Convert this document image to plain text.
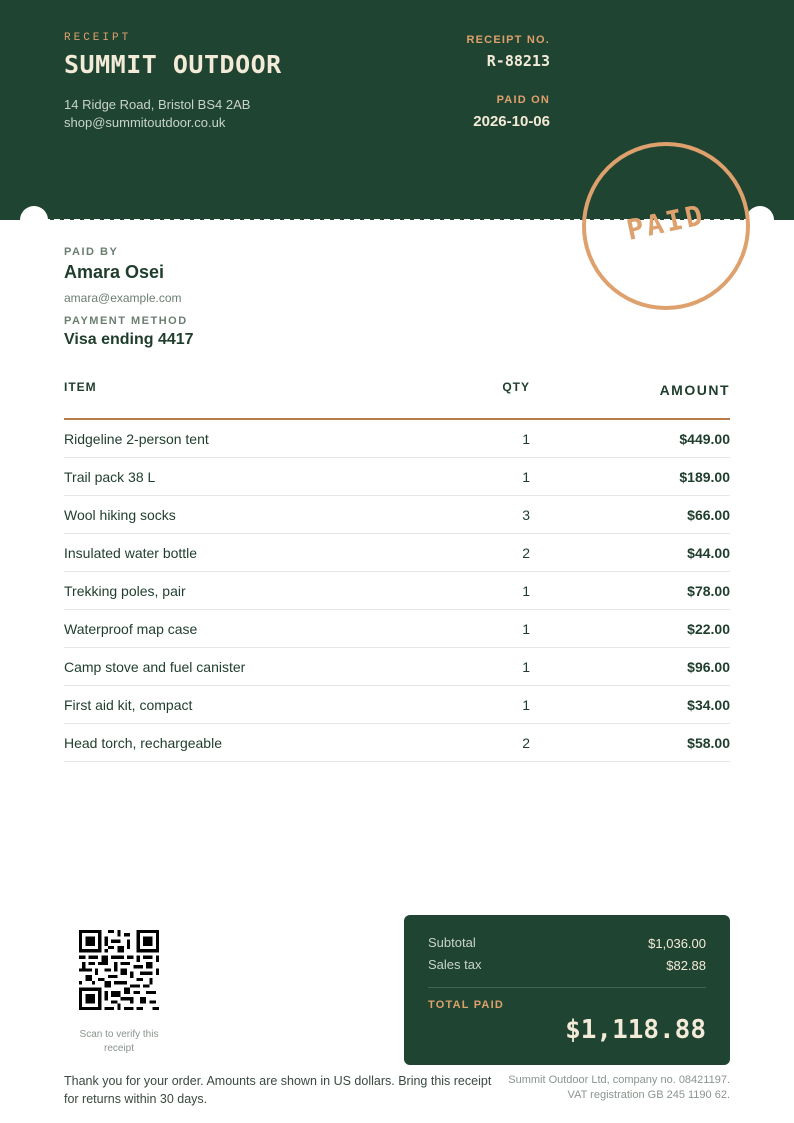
RECEIPT
SUMMIT OUTDOOR
14 Ridge Road, Bristol BS4 2AB
shop@summitoutdoor.co.uk
RECEIPT NO.
R-88213
PAID ON
2026-10-06
PAID
PAID BY
Amara Osei
amara@example.com
PAYMENT METHOD
Visa ending 4417
ITEM	QTY	AMOUNT
Ridgeline 2-person tent	1	$449.00
Trail pack 38 L	1	$189.00
Wool hiking socks	3	$66.00
Insulated water bottle	2	$44.00
Trekking poles, pair	1	$78.00
Waterproof map case	1	$22.00
Camp stove and fuel canister	1	$96.00
First aid kit, compact	1	$34.00
Head torch, rechargeable	2	$58.00
Scan to verify this receipt
Subtotal	$1,036.00
Sales tax	$82.88
TOTAL PAID
$1,118.88
Thank you for your order. Amounts are shown in US dollars. Bring this receipt for returns within 30 days.
Summit Outdoor Ltd, company no. 08421197.
VAT registration GB 245 1190 62.
